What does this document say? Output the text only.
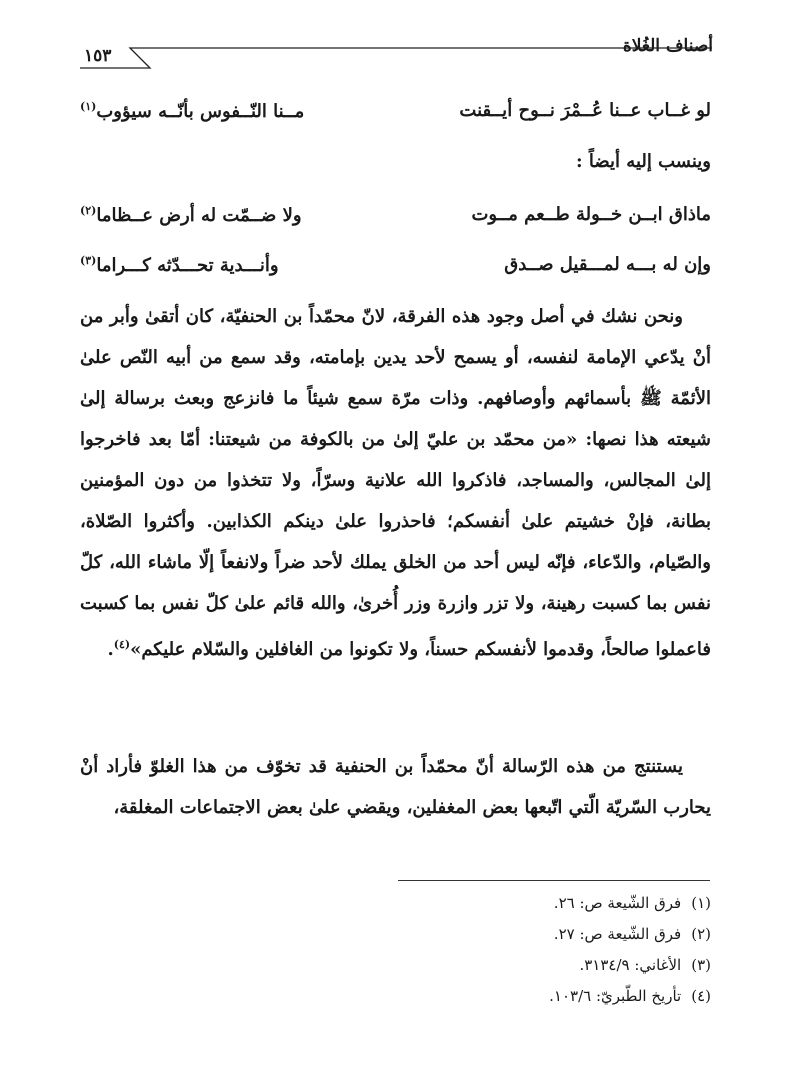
أصناف الغُلاة
١٥٣
لو غــاب عــنا عُــمْرَ نــوح أيــقنت
مــنا النّــفوس بأنّــه سيؤوب$^{(١)}$
وينسب إليه أيضاً :
ماذاق ابــن خــولة طــعم مــوت
ولا ضــمّت له أرض عــظاما$^{(٢)}$
وإن له بـــه لمـــقيل صــدق
وأنـــدية تحـــدّثه كـــراما$^{(٣)}$
ونحن نشك في أصل وجود هذه الفرقة، لانّ محمّداً بن الحنفيّة، كان أتقىٰ وأبر من أنْ يدّعي الإمامة لنفسه، أو يسمح لأحد يدين بإمامته، وقد سمع من أبيه النّص علىٰ الأئمّة ﷺ بأسمائهم وأوصافهم. وذات مرّة سمع شيئاً ما فانزعج وبعث برسالة إلىٰ شيعته هذا نصها: «من محمّد بن عليّ إلىٰ من بالكوفة من شيعتنا: أمّا بعد فاخرجوا إلىٰ المجالس، والمساجد، فاذكروا الله علانية وسرّاً، ولا تتخذوا من دون المؤمنين بطانة، فإنْ خشيتم علىٰ أنفسكم؛ فاحذروا علىٰ دينكم الكذابين. وأكثروا الصّلاة، والصّيام، والدّعاء، فإنّه ليس أحد من الخلق يملك لأحد ضراً ولانفعاً إلّا ماشاء الله، كلّ نفس بما كسبت رهينة، ولا تزر وازرة وزر أُخرىٰ، والله قائم علىٰ كلّ نفس بما كسبت فاعملوا صالحاً، وقدموا لأنفسكم حسناً، ولا تكونوا من الغافلين والسّلام عليكم»$^{(٤)}$.
يستنتج من هذه الرّسالة أنّ محمّداً بن الحنفية قد تخوّف من هذا الغلوّ فأراد أنْ يحارب السّريّة الّتي اتّبعها بعض المغفلين، ويقضي علىٰ بعض الاجتماعات المغلقة،
(١)فرق الشّيعة ص: ٢٦.
(٢)فرق الشّيعة ص: ٢٧.
(٣)الأغاني: ٣١٣٤/٩.
(٤)تأريخ الطّبريّ: ١٠٣/٦.
